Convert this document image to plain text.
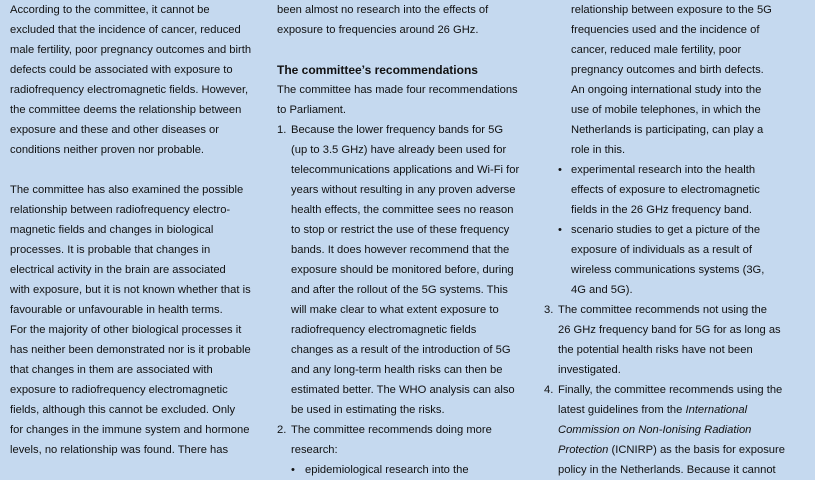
According to the committee, it cannot be
excluded that the incidence of cancer, reduced
male fertility, poor pregnancy outcomes and birth
defects could be associated with exposure to
radiofrequency electromagnetic fields. However,
the committee deems the relationship between
exposure and these and other diseases or
conditions neither proven nor probable.
The committee has also examined the possible
relationship between radiofrequency electro-
magnetic fields and changes in biological
processes. It is probable that changes in
electrical activity in the brain are associated
with exposure, but it is not known whether that is
favourable or unfavourable in health terms.
For the majority of other biological processes it
has neither been demonstrated nor is it probable
that changes in them are associated with
exposure to radiofrequency electromagnetic
fields, although this cannot be excluded. Only
for changes in the immune system and hormone
levels, no relationship was found. There has
been almost no research into the effects of
exposure to frequencies around 26 GHz.
The committee’s recommendations
The committee has made four recommendations
to Parliament.
1. Because the lower frequency bands for 5G
(up to 3.5 GHz) have already been used for
telecommunications applications and Wi-Fi for
years without resulting in any proven adverse
health effects, the committee sees no reason
to stop or restrict the use of these frequency
bands. It does however recommend that the
exposure should be monitored before, during
and after the rollout of the 5G systems. This
will make clear to what extent exposure to
radiofrequency electromagnetic fields
changes as a result of the introduction of 5G
and any long-term health risks can then be
estimated better. The WHO analysis can also
be used in estimating the risks.
2. The committee recommends doing more
research:
• epidemiological research into the
relationship between exposure to the 5G
frequencies used and the incidence of
cancer, reduced male fertility, poor
pregnancy outcomes and birth defects.
An ongoing international study into the
use of mobile telephones, in which the
Netherlands is participating, can play a
role in this.
• experimental research into the health
effects of exposure to electromagnetic
fields in the 26 GHz frequency band.
• scenario studies to get a picture of the
exposure of individuals as a result of
wireless communications systems (3G,
4G and 5G).
3. The committee recommends not using the
26 GHz frequency band for 5G for as long as
the potential health risks have not been
investigated.
4. Finally, the committee recommends using the
latest guidelines from the International
Commission on Non-Ionising Radiation
Protection (ICNIRP) as the basis for exposure
policy in the Netherlands. Because it cannot
